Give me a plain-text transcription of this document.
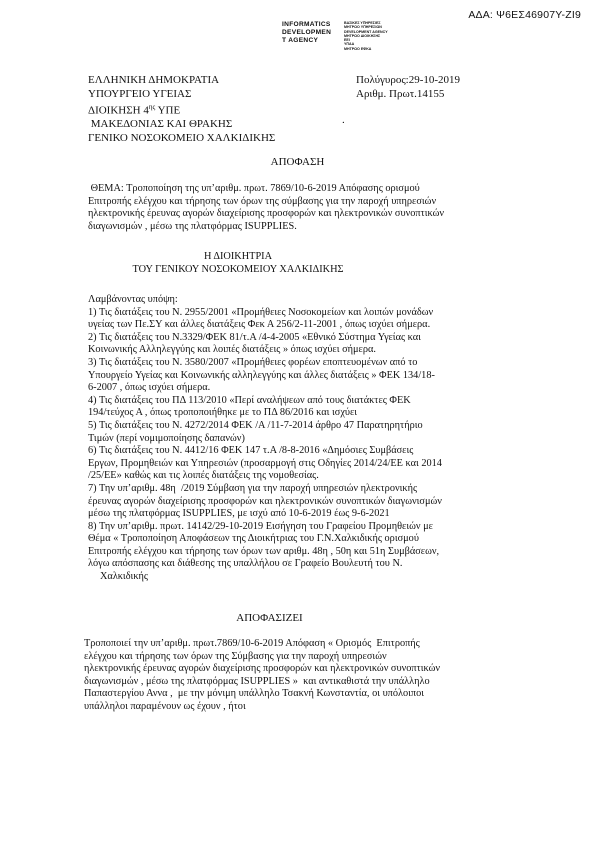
ΑΔΑ: Ψ6ΕΣ46907Υ-ΖΙ9
INFORMATICS
DEVELOPMEN
T AGENCY
ΒΑΣΙΚΕΣ ΥΠΗΡΕΣΙΕΣ
ΜΗΤΡΩΟ ΥΠΗΡΕΣΙΩΝ
DEVELOPMENT AGENCY
ΜΗΤΡΩΟ ΔΙΟΙΚΗΣΗΣ
ΕΕΙ
ΥΠΑΑ
ΜΗΤΡΩΟ ΕΦΚΑ
ΕΛΛΗΝΙΚΗ ΔΗΜΟΚΡΑΤΙΑ
ΥΠΟΥΡΓΕΙΟ ΥΓΕΙΑΣ
ΔΙΟΙΚΗΣΗ $4^{\eta\varsigma}$ ΥΠΕ
ΜΑΚΕΔΟΝΙΑΣ ΚΑΙ ΘΡΑΚΗΣ
ΓΕΝΙΚΟ ΝΟΣΟΚΟΜΕΙΟ ΧΑΛΚΙΔΙΚΗΣ
Πολύγυρος:29-10-2019
Αριθμ. Πρωτ.14155
.
ΑΠΟΦΑΣΗ
ΘΕΜΑ: Τροποποίηση της υπ’αριθμ. πρωτ. 7869/10-6-2019 Απόφασης ορισμού
Επιτροπής ελέγχου και τήρησης των όρων της σύμβασης για την παροχή υπηρεσιών
ηλεκτρονικής έρευνας αγορών διαχείρισης προσφορών και ηλεκτρονικών συνοπτικών
διαγωνισμών , μέσω της πλατφόρμας ISUPPLIES.
Η ΔΙΟΙΚΗΤΡΙΑ
ΤΟΥ ΓΕΝΙΚΟΥ ΝΟΣΟΚΟΜΕΙΟΥ ΧΑΛΚΙΔΙΚΗΣ
Λαμβάνοντας υπόψη:
1) Τις διατάξεις του Ν. 2955/2001 «Προμήθειες Νοσοκομείων και λοιπών μονάδων
υγείας των Πε.ΣΥ και άλλες διατάξεις Φεκ Α 256/2-11-2001 , όπως ισχύει σήμερα.
2) Τις διατάξεις του Ν.3329/ΦΕΚ 81/τ.Α /4-4-2005 «Εθνικό Σύστημα Υγείας και
Κοινωνικής Αλληλεγγύης και λοιπές διατάξεις » όπως ισχύει σήμερα.
3) Τις διατάξεις του Ν. 3580/2007 «Προμήθειες φορέων εποπτευομένων από το
Υπουργείο Υγείας και Κοινωνικής αλληλεγγύης και άλλες διατάξεις » ΦΕΚ 134/18-
6-2007 , όπως ισχύει σήμερα.
4) Τις διατάξεις του ΠΔ 113/2010 «Περί αναλήψεων από τους διατάκτες ΦΕΚ
194/τεύχος Α , όπως τροποποιήθηκε με το ΠΔ 86/2016 και ισχύει
5) Τις διατάξεις του Ν. 4272/2014 ΦΕΚ /Α /11-7-2014 άρθρο 47 Παρατηρητήριο
Τιμών (περί νομιμοποίησης δαπανών)
6) Τις διατάξεις του Ν. 4412/16 ΦΕΚ 147 τ.Α /8-8-2016 «Δημόσιες Συμβάσεις
Εργων, Προμηθειών και Υπηρεσιών (προσαρμογή στις Οδηγίες 2014/24/ΕΕ και 2014
/25/ΕΕ» καθώς και τις λοιπές διατάξεις της νομοθεσίας.
7) Την υπ’αριθμ. 48η  /2019 Σύμβαση για την παροχή υπηρεσιών ηλεκτρονικής
έρευνας αγορών διαχείρισης προσφορών και ηλεκτρονικών συνοπτικών διαγωνισμών
μέσω της πλατφόρμας ISUPPLIES, με ισχύ από 10-6-2019 έως 9-6-2021
8) Την υπ’αριθμ. πρωτ. 14142/29-10-2019 Εισήγηση του Γραφείου Προμηθειών με
Θέμα « Τροποποίηση Αποφάσεων της Διοικήτριας του Γ.Ν.Χαλκιδικής ορισμού
Επιτροπής ελέγχου και τήρησης των όρων των αριθμ. 48η , 50η και 51η Συμβάσεων,
λόγω απόσπασης και διάθεσης της υπαλλήλου σε Γραφείο Βουλευτή του Ν.
Χαλκιδικής
ΑΠΟΦΑΣΙΖΕΙ
Τροποποιεί την υπ’αριθμ. πρωτ.7869/10-6-2019 Απόφαση « Ορισμός  Επιτροπής
ελέγχου και τήρησης των όρων της Σύμβασης για την παροχή υπηρεσιών
ηλεκτρονικής έρευνας αγορών διαχείρισης προσφορών και ηλεκτρονικών συνοπτικών
διαγωνισμών , μέσω της πλατφόρμας ISUPPLIES »  και αντικαθιστά την υπάλληλο
Παπαστεργίου Αννα ,  με την μόνιμη υπάλληλο Τσακνή Κωνσταντία, οι υπόλοιποι
υπάλληλοι παραμένουν ως έχουν , ήτοι
